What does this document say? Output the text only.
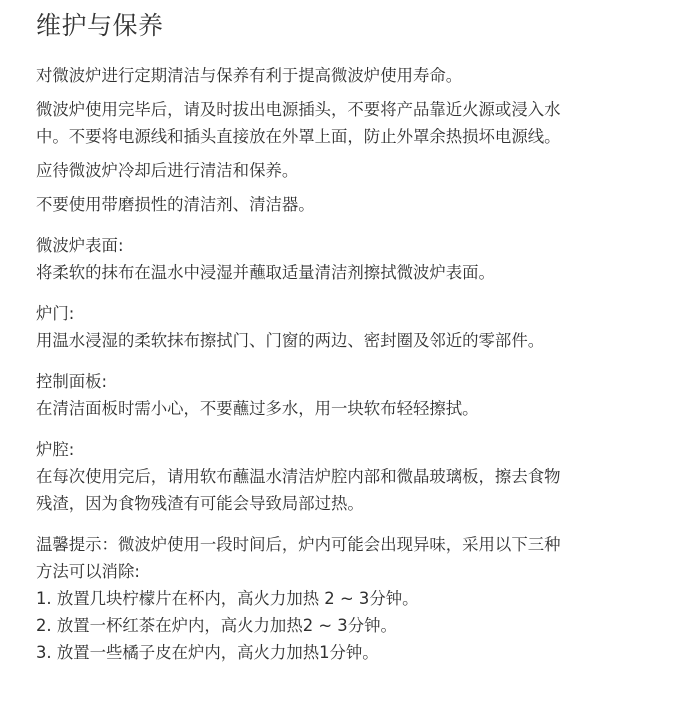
维护与保养

对微波炉进行定期清洁与保养有利于提高微波炉使用寿命。

微波炉使用完毕后，请及时拔出电源插头，不要将产品靠近火源或浸入水
中。不要将电源线和插头直接放在外罩上面，防止外罩余热损坏电源线。

应待微波炉冷却后进行清洁和保养。

不要使用带磨损性的清洁剂、清洁器。

微波炉表面:

将柔软的抹布在温水中浸湿并蘸取适量清洁剂擦拭微波炉表面。

炉门:

用温水浸湿的柔软抹布擦拭门、门窗的两边、密封圈及邻近的零部件。

控制面板:

在清洁面板时需小心，不要蘸过多水，用一块软布轻轻擦拭。

炉腔:

在每次使用完后，请用软布蘸温水清洁炉腔内部和微晶玻璃板，擦去食物
残渣，因为食物残渣有可能会导致局部过热。

温馨提示：微波炉使用一段时间后，炉内可能会出现异味，采用以下三种
方法可以消除:

1. 放置几块柠檬片在杯内，高火力加热 2 ~ 3分钟。

2. 放置一杯红茶在炉内，高火力加热2 ~ 3分钟。

3. 放置一些橘子皮在炉内，高火力加热1分钟。
